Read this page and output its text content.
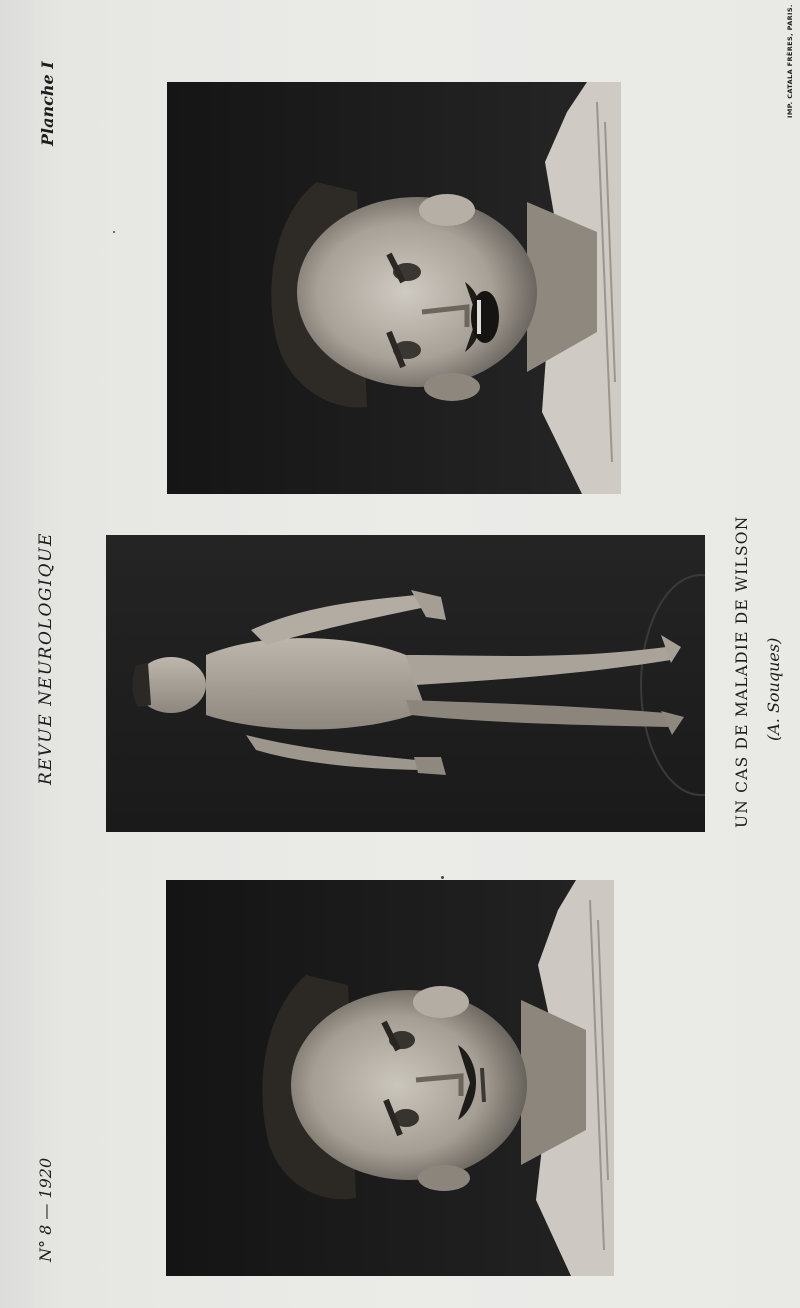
Planche I
REVUE NEUROLOGIQUE
N° 8 — 1920
UN CAS DE MALADIE DE WILSON (A. Souques)
IMP. CATALA FRÈRES, PARIS.
